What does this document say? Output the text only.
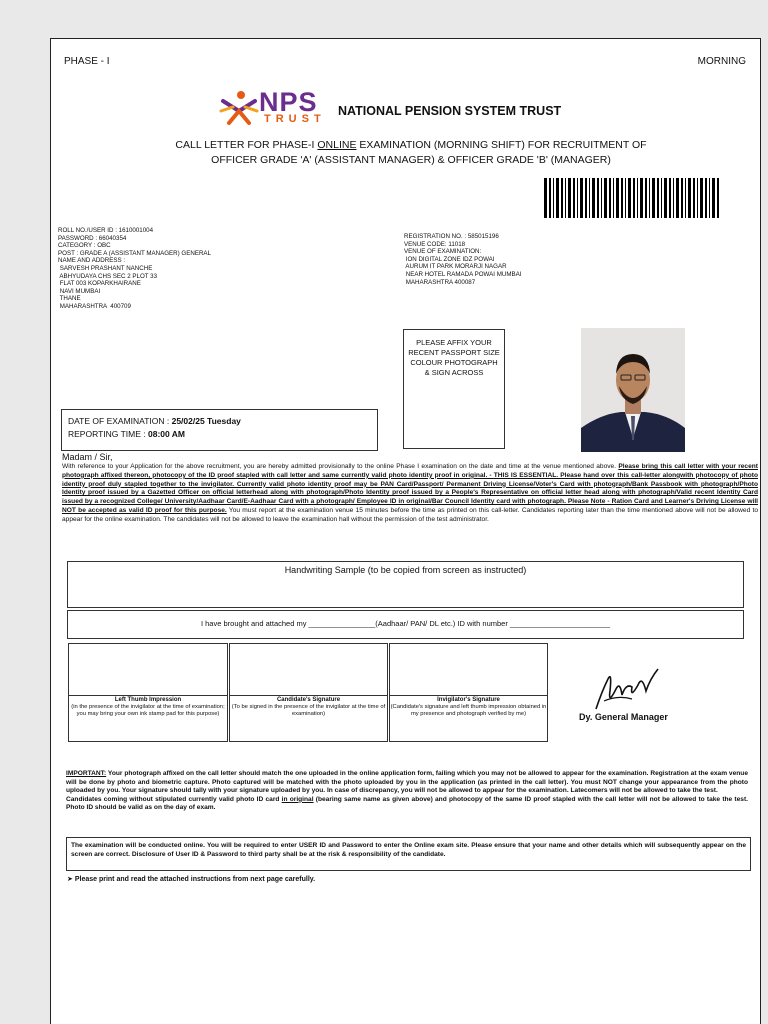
PHASE - I	MORNING
NPS
TRUST
NATIONAL PENSION SYSTEM TRUST
CALL LETTER FOR PHASE-I ONLINE EXAMINATION (MORNING SHIFT) FOR RECRUITMENT OF
OFFICER GRADE 'A' (ASSISTANT MANAGER) & OFFICER GRADE 'B' (MANAGER)
ROLL NO./USER ID : 1610001004
PASSWORD : 66040354
CATEGORY : OBC
POST : GRADE A (ASSISTANT MANAGER) GENERAL
NAME AND ADDRESS :
SARVESH PRASHANT NANCHE
ABHYUDAYA CHS SEC 2 PLOT 33
FLAT 003 KOPARKHAIRANE
NAVI MUMBAI
THANE
MAHARASHTRA  400709
REGISTRATION NO. : 585015196
VENUE CODE: 11018
VENUE OF EXAMINATION:
ION DIGITAL ZONE IDZ POWAI
AURUM IT PARK MORARJI NAGAR
NEAR HOTEL RAMADA POWAI MUMBAI
MAHARASHTRA 400087
PLEASE AFFIX YOUR
RECENT PASSPORT SIZE
COLOUR PHOTOGRAPH
& SIGN ACROSS
DATE OF EXAMINATION : 25/02/25 Tuesday
REPORTING TIME : 08:00 AM
Madam / Sir,
With reference to your Application for the above recruitment, you are hereby admitted provisionally to the online Phase I examination on the date and time at the venue mentioned above. Please bring this call letter with your recent photograph affixed thereon, photocopy of the ID proof stapled with call letter and same currently valid photo identity proof in original. - THIS IS ESSENTIAL. Please hand over this call-letter alongwith photocopy of photo identity proof duly stapled together to the invigilator. Currently valid photo identity proof may be PAN Card/Passport/ Permanent Driving License/Voter's Card with photograph/Bank Passbook with photograph/Photo Identity proof issued by a Gazetted Officer on official letterhead along with photograph/Photo Identity proof issued by a People's Representative on official letter head along with photograph/Valid recent Identity Card issued by a recognized College/ University/Aadhaar Card/E-Aadhaar Card with a photograph/ Employee ID in original/Bar Council Identity card with photograph. Please Note - Ration Card and Learner's Driving License will NOT be accepted as valid ID proof for this purpose. You must report at the examination venue 15 minutes before the time as printed on this call-letter. Candidates reporting later than the time mentioned above will not be allowed to appear for the online examination. The candidates will not be allowed to leave the examination hall without the permission of the test administrator.
Handwriting Sample (to be copied from screen as instructed)
I have brought and attached my ________________(Aadhaar/ PAN/ DL etc.) ID with number ________________________
Left Thumb Impression
(in the presence of the invigilator at the time of examination; you may bring your own ink stamp pad for this purpose)
Candidate's Signature
(To be signed in the presence of the invigilator at the time of examination)
Invigilator's Signature
(Candidate's signature and left thumb impression obtained in my presence and photograph verified by me)	Dy. General Manager
IMPORTANT: Your photograph affixed on the call letter should match the one uploaded in the online application form, failing which you may not be allowed to appear for the examination. Registration at the exam venue will be done by photo and biometric capture. Photo captured will be matched with the photo uploaded by you in the application (as printed in the call letter). You must NOT change your appearance from the photo uploaded by you. Your signature should tally with your signature uploaded by you. In case of discrepancy, you will not be allowed to appear for the examination. Latecomers will not be allowed to take the test.
Candidates coming without stipulated currently valid photo ID card in original (bearing same name as given above) and photocopy of the same ID proof stapled with the call letter will not be allowed to take the test. Photo ID should be valid as on the day of exam.
The examination will be conducted online. You will be required to enter USER ID and Password to enter the Online exam site. Please ensure that your name and other details which will subsequently appear on the screen are correct. Disclosure of User ID & Password to third party shall be at the risk & responsibility of the candidate.
➤ Please print and read the attached instructions from next page carefully.
